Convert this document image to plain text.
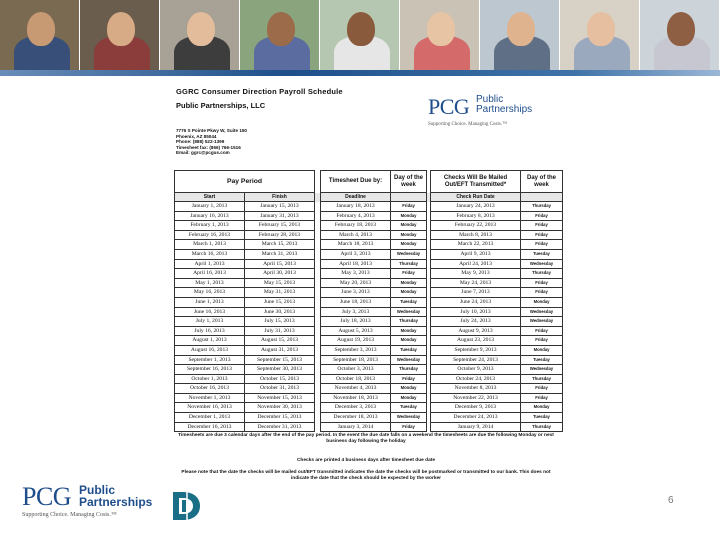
GGRC Consumer Direction Payroll Schedule
Public Partnerships, LLC
7776 S Pointe Pkwy W, Suite 150
Phoenix, AZ 85044
Phone: (888) 522-1399
Timesheet fax: (866) 766-1516
Email: ggrc@pcgus.com
PCG Public
Partnerships
Supporting Choice. Managing Costs.™
Pay Period			Timesheet Due by:	Day of the week		Checks Will Be Mailed Out/EFT Transmitted*	Day of the week
Start	Finish		Deadline			Check Run Date	
January 1, 2013	January 15, 2013		January 18, 2013	Friday		January 24, 2013	Thursday
January 16, 2013	January 31, 2013		February 4, 2013	Monday		February 8, 2013	Friday
February 1, 2013	February 15, 2013		February 18, 2013	Monday		February 22, 2013	Friday
February 16, 2013	February 28, 2013		March 4, 2013	Monday		March 8, 2013	Friday
March 1, 2013	March 15, 2013		March 18, 2013	Monday		March 22, 2013	Friday
March 16, 2013	March 31, 2013		April 3, 2013	Wednesday		April 9, 2013	Tuesday
April 1, 2013	April 15, 2013		April 18, 2013	Thursday		April 24, 2013	Wednesday
April 16, 2013	April 30, 2013		May 3, 2013	Friday		May 9, 2013	Thursday
May 1, 2013	May 15, 2013		May 20, 2013	Monday		May 24, 2013	Friday
May 16, 2013	May 31, 2013		June 3, 2013	Monday		June 7, 2013	Friday
June 1, 2013	June 15, 2013		June 18, 2013	Tuesday		June 24, 2013	Monday
June 16, 2013	June 30, 2013		July 3, 2013	Wednesday		July 10, 2013	Wednesday
July 1, 2013	July 15, 2013		July 18, 2013	Thursday		July 24, 2013	Wednesday
July 16, 2013	July 31, 2013		August 5, 2013	Monday		August 9, 2013	Friday
August 1, 2013	August 15, 2013		August 19, 2013	Monday		August 23, 2013	Friday
August 16, 2013	August 31, 2013		September 3, 2013	Tuesday		September 9, 2013	Monday
September 1, 2013	September 15, 2013		September 18, 2013	Wednesday		September 24, 2013	Tuesday
September 16, 2013	September 30, 2013		October 3, 2013	Thursday		October 9, 2013	Wednesday
October 1, 2013	October 15, 2013		October 18, 2013	Friday		October 24, 2013	Thursday
October 16, 2013	October 31, 2013		November 4, 2013	Monday		November 8, 2013	Friday
November 1, 2013	November 15, 2013		November 18, 2013	Monday		November 22, 2013	Friday
November 16, 2013	November 30, 2013		December 3, 2013	Tuesday		December 9, 2013	Monday
December 1, 2013	December 15, 2013		December 18, 2013	Wednesday		December 24, 2013	Tuesday
December 16, 2013	December 31, 2013		January 3, 2014	Friday		January 9, 2014	Thursday
Timesheets are due 3 calendar days after the end of the pay period. In the event the due date falls on a weekend the timesheets are due the following Monday or next business day following the holiday
Checks are printed 4 business days after timesheet due date
Please note that the date the checks will be mailed out/EFT transmitted indicates the date the checks will be postmarked or transmitted to our bank. This does not indicate the date that the check should be expected by the worker
PCG Public
Partnerships
Supporting Choice. Managing Costs.™
6
